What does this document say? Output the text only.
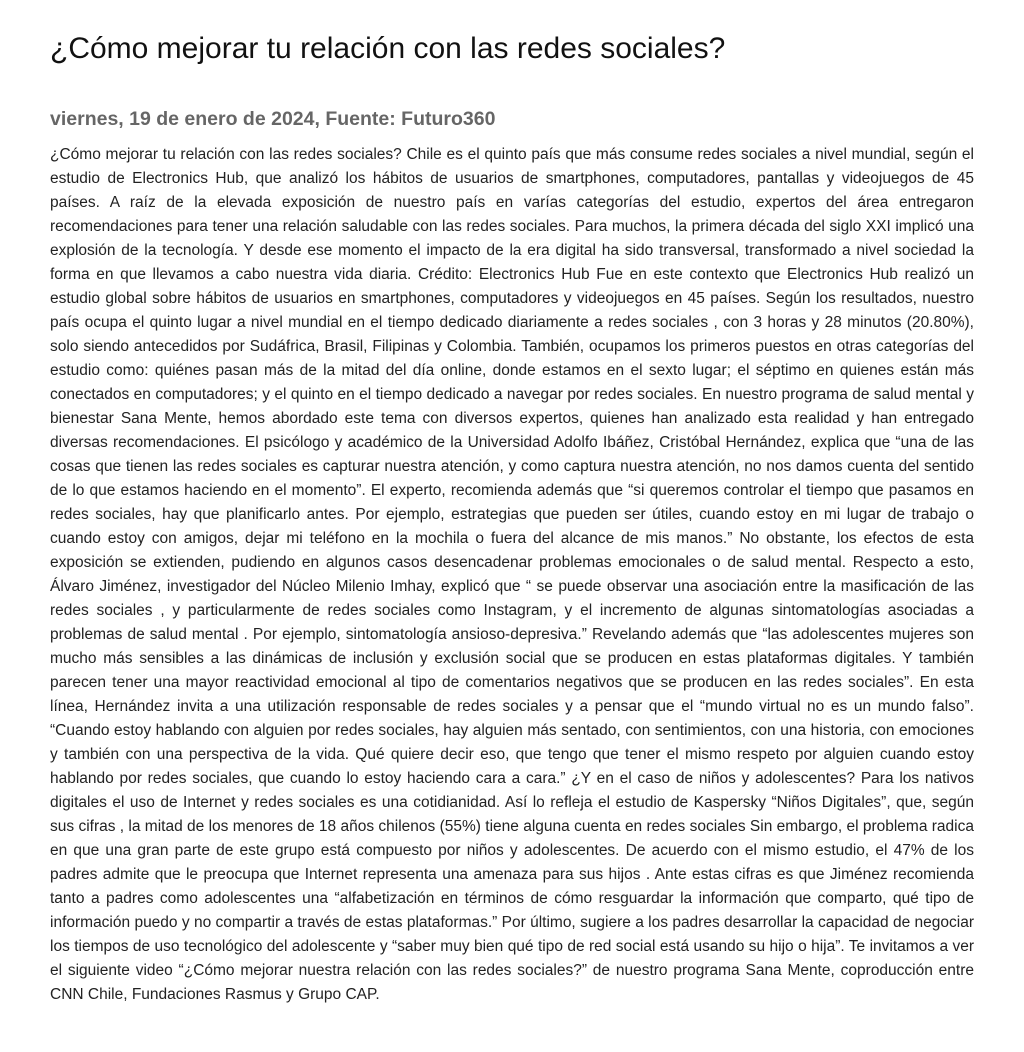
¿Cómo mejorar tu relación con las redes sociales?
viernes, 19 de enero de 2024, Fuente: Futuro360
¿Cómo mejorar tu relación con las redes sociales? Chile es el quinto país que más consume redes sociales a nivel mundial, según el estudio de Electronics Hub, que analizó los hábitos de usuarios de smartphones, computadores, pantallas y videojuegos de 45 países. A raíz de la elevada exposición de nuestro país en varías categorías del estudio, expertos del área entregaron recomendaciones para tener una relación saludable con las redes sociales. Para muchos, la primera década del siglo XXI implicó una explosión de la tecnología. Y desde ese momento el impacto de la era digital ha sido transversal, transformado a nivel sociedad la forma en que llevamos a cabo nuestra vida diaria. Crédito: Electronics Hub Fue en este contexto que Electronics Hub realizó un estudio global sobre hábitos de usuarios en smartphones, computadores y videojuegos en 45 países. Según los resultados, nuestro país ocupa el quinto lugar a nivel mundial en el tiempo dedicado diariamente a redes sociales , con 3 horas y 28 minutos (20.80%), solo siendo antecedidos por Sudáfrica, Brasil, Filipinas y Colombia. También, ocupamos los primeros puestos en otras categorías del estudio como: quiénes pasan más de la mitad del día online, donde estamos en el sexto lugar; el séptimo en quienes están más conectados en computadores; y el quinto en el tiempo dedicado a navegar por redes sociales. En nuestro programa de salud mental y bienestar Sana Mente, hemos abordado este tema con diversos expertos, quienes han analizado esta realidad y han entregado diversas recomendaciones. El psicólogo y académico de la Universidad Adolfo Ibáñez, Cristóbal Hernández, explica que “una de las cosas que tienen las redes sociales es capturar nuestra atención, y como captura nuestra atención, no nos damos cuenta del sentido de lo que estamos haciendo en el momento”. El experto, recomienda además que “si queremos controlar el tiempo que pasamos en redes sociales, hay que planificarlo antes. Por ejemplo, estrategias que pueden ser útiles, cuando estoy en mi lugar de trabajo o cuando estoy con amigos, dejar mi teléfono en la mochila o fuera del alcance de mis manos.” No obstante, los efectos de esta exposición se extienden, pudiendo en algunos casos desencadenar problemas emocionales o de salud mental. Respecto a esto, Álvaro Jiménez, investigador del Núcleo Milenio Imhay, explicó que “ se puede observar una asociación entre la masificación de las redes sociales , y particularmente de redes sociales como Instagram, y el incremento de algunas sintomatologías asociadas a problemas de salud mental . Por ejemplo, sintomatología ansioso-depresiva.” Revelando además que “las adolescentes mujeres son mucho más sensibles a las dinámicas de inclusión y exclusión social que se producen en estas plataformas digitales. Y también parecen tener una mayor reactividad emocional al tipo de comentarios negativos que se producen en las redes sociales”. En esta línea, Hernández invita a una utilización responsable de redes sociales y a pensar que el “mundo virtual no es un mundo falso”. “Cuando estoy hablando con alguien por redes sociales, hay alguien más sentado, con sentimientos, con una historia, con emociones y también con una perspectiva de la vida. Qué quiere decir eso, que tengo que tener el mismo respeto por alguien cuando estoy hablando por redes sociales, que cuando lo estoy haciendo cara a cara.” ¿Y en el caso de niños y adolescentes? Para los nativos digitales el uso de Internet y redes sociales es una cotidianidad. Así lo refleja el estudio de Kaspersky “Niños Digitales”, que, según sus cifras , la mitad de los menores de 18 años chilenos (55%) tiene alguna cuenta en redes sociales Sin embargo, el problema radica en que una gran parte de este grupo está compuesto por niños y adolescentes. De acuerdo con el mismo estudio, el 47% de los padres admite que le preocupa que Internet representa una amenaza para sus hijos . Ante estas cifras es que Jiménez recomienda tanto a padres como adolescentes una “alfabetización en términos de cómo resguardar la información que comparto, qué tipo de información puedo y no compartir a través de estas plataformas.” Por último, sugiere a los padres desarrollar la capacidad de negociar los tiempos de uso tecnológico del adolescente y “saber muy bien qué tipo de red social está usando su hijo o hija”. Te invitamos a ver el siguiente video “¿Cómo mejorar nuestra relación con las redes sociales?” de nuestro programa Sana Mente, coproducción entre CNN Chile, Fundaciones Rasmus y Grupo CAP.
